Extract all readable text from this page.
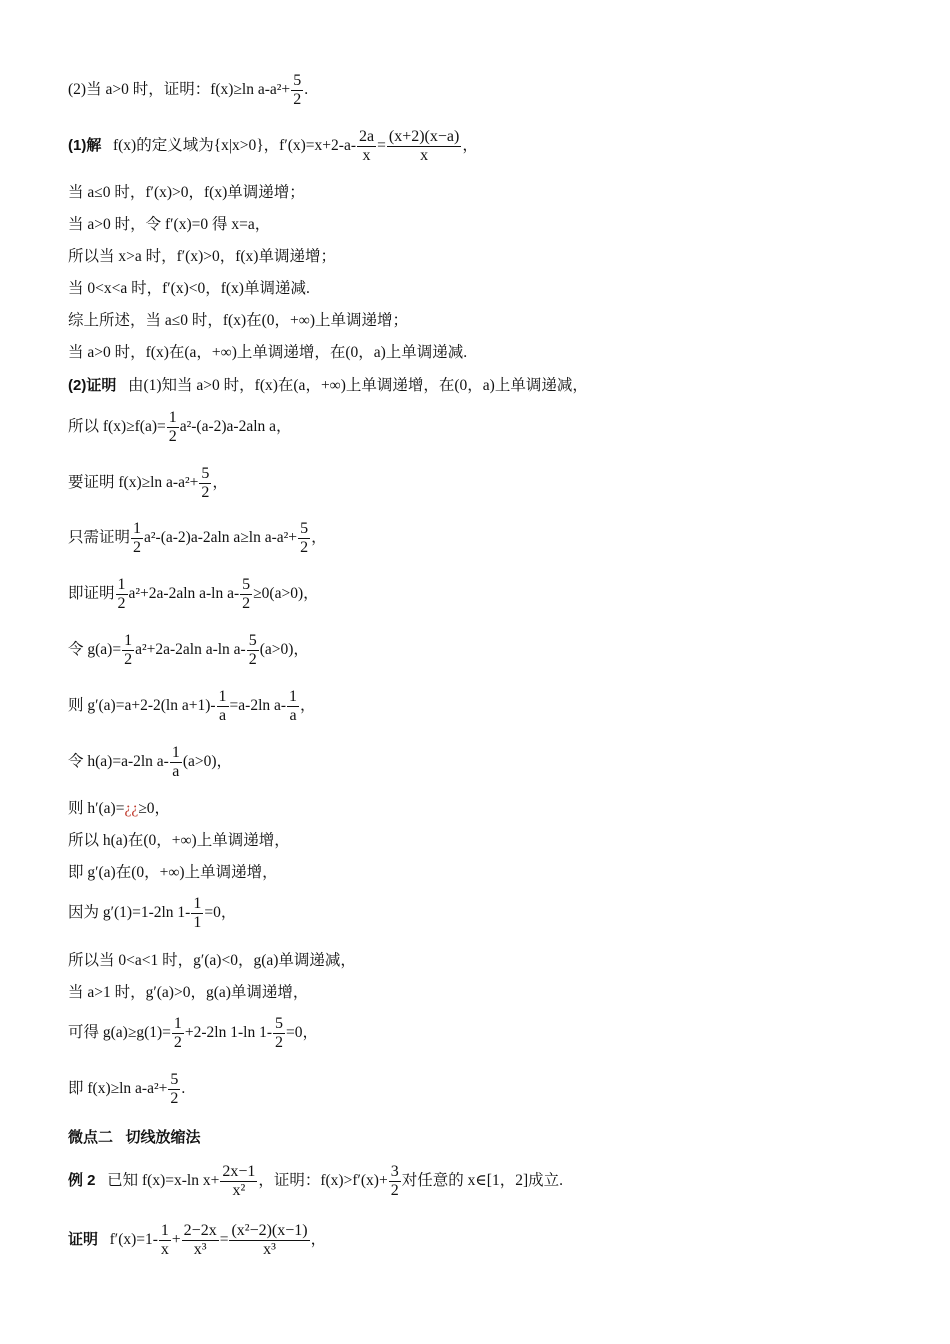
(2)当 a>0 时，证明：f(x)≥ln $a-a^2+ \frac{5}{2}$ .
(1)解   f(x)的定义域为{x|x>0}，$f'(x)=x+2-a- \frac{2a}{x} = \frac{(x+2)(x-a)}{x}$ ，
当 a≤0 时，f′(x)>0，f(x)单调递增；
当 a>0 时，令 f′(x)=0 得 x=a，
所以当 x>a 时，f′(x)>0，f(x)单调递增；
当 0<x<a 时，f′(x)<0，f(x)单调递减.
综上所述，当 a≤0 时，f(x)在(0，+∞)上单调递增；
当 a>0 时，f(x)在(a，+∞)上单调递增，在(0，a)上单调递减.
(2)证明   由(1)知当 a>0 时，f(x)在(a，+∞)上单调递增，在(0，a)上单调递减，
所以 $f(x)\ge f(a)= \frac{1}{2} a^2-(a-2)a-2aln$ a，
要证明 f(x)≥ln $a-a^2+ \frac{5}{2}$ ，
只需证明 $\frac{1}{2} a^2-(a-2)a-2aln$ a≥ln $a-a^2+ \frac{5}{2}$ ，
即证明 $\frac{1}{2} a^2+2a-2aln$ a-ln $a- \frac{5}{2} \ge 0(a>0)$，
令 $g(a)= \frac{1}{2} a^2+2a-2aln$ a-ln $a- \frac{5}{2} (a>0)$，
则 g′(a)=a+2-2(ln $a+1)- \frac{1}{a} =a-2\ln$ $a- \frac{1}{a}$ ，
令 h(a)=a-2ln $a- \frac{1}{a} (a>0)$，
则 h′(a)=¿¿≥0，
所以 h(a)在(0，+∞)上单调递增，
即 g′(a)在(0，+∞)上单调递增，
因为 g′(1)=1-2ln $1- \frac{1}{1} =0$，
所以当 0<a<1 时，g′(a)<0，g(a)单调递减，
当 a>1 时，g′(a)>0，g(a)单调递增，
可得 $g(a)\ge g(1)= \frac{1}{2} +2-2\ln$ 1-ln $1- \frac{5}{2} =0$，
即 f(x)≥ln $a-a^2+ \frac{5}{2}$ .
微点二   切线放缩法
例 2   已知 f(x)=x-ln $x+ \frac{2x-1}{\text{x²}}$ ，证明：$f(x)>f'(x)+ \frac{3}{2}$ 对任意的 x∈[1，2]成立.
证明   $f'(x)=1- \frac{1}{x} + \frac{2-2x}{\text{x³}} = \frac{\text{(x²−2)(x−1)}}{\text{x³}}$ ，
